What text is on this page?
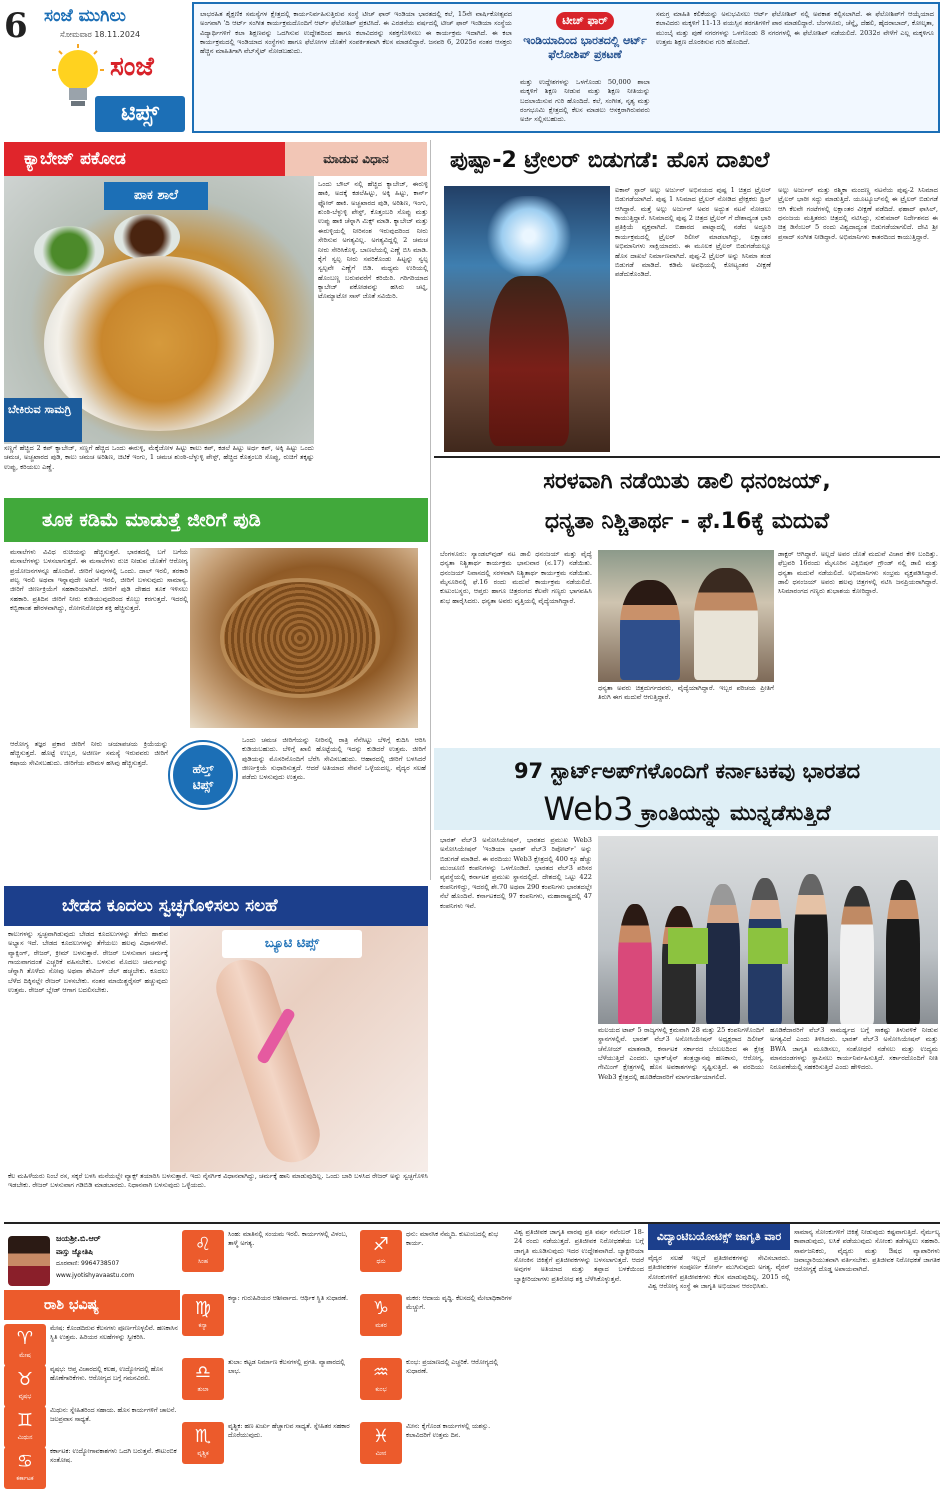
6 ಸಂಜೆ ಮುಗಿಲು
ಸೋಮವಾರ 18.11.2024
ಸಂಜೆ
ಟಿಪ್ಸ್
ಲಾಭರಹಿತ ಶೈಕ್ಷಣಿಕ ಸಮಸ್ಯೆಗಳ ಕ್ಷೇತ್ರದಲ್ಲಿ ಕಾರ್ಯನಿರ್ವಹಿಸುತ್ತಿರುವ ಸಂಸ್ಥೆ ಟೀಚ್ ಫಾರ್ ಇಂಡಿಯಾ ಭಾರತದಲ್ಲಿ ಕಲೆ, 15ನೇ ವಾರ್ಷಿಕೋತ್ಸವದ ಅಂಗವಾಗಿ 'ದಿ ಆರ್ಟ್ ಸಂಗೀತ ಕಾರ್ಯಕ್ರಮದೊಂದಿಗೆ ಆರ್ಟ್ ಫೆಲೋಶಿಪ್ ಪ್ರಕಟಿಸಿದೆ. ಈ ಎರಡನೆಯ ವರ್ಷದಲ್ಲಿ ಟೀಚ್ ಫಾರ್ ಇಂಡಿಯಾ ಸಂಸ್ಥೆಯ ವಿದ್ಯಾರ್ಥಿಗಳಿಗೆ ಕಲಾ ಶಿಕ್ಷಣವನ್ನು ಒದಗಿಸುವ ಉದ್ದೇಶದಿಂದ ಹಾಗೂ ಕಲಾವಿದರನ್ನು ಸಶಕ್ತಗೊಳಿಸಲು ಈ ಕಾರ್ಯಕ್ರಮ ಇದಾಗಿದೆ. ಈ ಕಲಾ ಕಾರ್ಯಕ್ರಮದಲ್ಲಿ ಇಂಡಿಯಾದ ಸಂಸ್ಥೆಗಳು ಹಾಗೂ ಫೆಲೋಗಳ ಜೊತೆಗೆ ಸಂಪರ್ಕಿತವಾಗಿ ಕೆಲಸ ಮಾಡಲಿದ್ದಾರೆ. ಜನವರಿ 6, 2025ರ ನಂತರ ಆಸಕ್ತರು ಹೆಚ್ಚಿನ ಮಾಹಿತಿಗಾಗಿ ವೆಬ್‌ಸೈಟ್ ನೋಡಬಹುದು.
ಟೀಚ್ ಫಾರ್
ಇಂಡಿಯಾದಿಂದ ಭಾರತದಲ್ಲಿ ಆರ್ಟ್ ಫೆಲೋಶಿಪ್ ಪ್ರಕಟಣೆ
ಮತ್ತು ಉದ್ದೇಶಗಳನ್ನು ಒಳಗೊಂಡು 50,000 ಶಾಲಾ ಮಕ್ಕಳಿಗೆ ಶಿಕ್ಷಣ ನೀಡುವ ಮತ್ತು ಶಿಕ್ಷಣ ನೀತಿಯನ್ನು ಬದಲಾಯಿಸುವ ಗುರಿ ಹೊಂದಿದೆ. ಕಲೆ, ಸಂಗೀತ, ನೃತ್ಯ ಮತ್ತು ರಂಗಭೂಮಿ ಕ್ಷೇತ್ರದಲ್ಲಿ ಕೆಲಸ ಮಾಡಲು ಆಸಕ್ತರಾಗಿರುವವರು ಅರ್ಜಿ ಸಲ್ಲಿಸಬಹುದು.
ಸಮಗ್ರ ಮಾಹಿತಿ ಕಲಿಕೆಯನ್ನು ಅನುಭವಿಸಲು ಆರ್ಟ್ ಫೆಲೋಶಿಪ್ ನಲ್ಲಿ ಅವಕಾಶ ಕಲ್ಪಿಸಲಾಗಿದೆ. ಈ ಫೆಲೋಶಿಪ್‌ಗೆ ಆಯ್ಕೆಯಾದ ಕಲಾವಿದರು ಮಕ್ಕಳಿಗೆ 11-13 ವಯಸ್ಸಿನ ತರಗತಿಗಳಿಗೆ ಪಾಠ ಮಾಡಲಿದ್ದಾರೆ. ಬೆಂಗಳೂರು, ಚೆನ್ನೈ, ದೆಹಲಿ, ಹೈದರಾಬಾದ್, ಕೋಲ್ಕತಾ, ಮುಂಬೈ ಮತ್ತು ಪುಣೆ ನಗರಗಳನ್ನು ಒಳಗೊಂಡು 8 ನಗರಗಳಲ್ಲಿ ಈ ಫೆಲೋಶಿಪ್ ನಡೆಯಲಿದೆ. 2032ರ ವೇಳೆಗೆ ಎಲ್ಲ ಮಕ್ಕಳಿಗೂ ಉತ್ತಮ ಶಿಕ್ಷಣ ದೊರಕಿಸುವ ಗುರಿ ಹೊಂದಿದೆ.
ಕ್ಯಾಬೇಜ್ ಪಕೋಡ	ಮಾಡುವ ವಿಧಾನ
ಪಾಕ ಶಾಲೆ
ಬೇಕಿರುವ ಸಾಮಗ್ರಿ
ಸಣ್ಣಗೆ ಹೆಚ್ಚಿದ 2 ಕಪ್ ಕ್ಯಾಬೇಜ್, ಸಣ್ಣಗೆ ಹೆಚ್ಚಿದ ಒಂದು ಈರುಳ್ಳಿ, ಮೆಕ್ಕೆಜೋಳ ಹಿಟ್ಟು ಕಾಲು ಕಪ್, ಕಡಲೆ ಹಿಟ್ಟು ಅರ್ಧ ಕಪ್, ಅಕ್ಕಿ ಹಿಟ್ಟು ಒಂದು ಚಮಚ, ಅಚ್ಚಖಾರದ ಪುಡಿ, ಕಾಲು ಚಮಚ ಅರಿಶಿಣ, ಚಿಟಿಕೆ ಇಂಗು, 1 ಚಮಚ ಶುಂಠಿ-ಬೆಳ್ಳುಳ್ಳಿ ಪೇಸ್ಟ್, ಹೆಚ್ಚಿದ ಕೊತ್ತಂಬರಿ ಸೊಪ್ಪು, ರುಚಿಗೆ ತಕ್ಕಷ್ಟು ಉಪ್ಪು, ಕರಿಯಲು ಎಣ್ಣೆ.
ಒಂದು ಬೌಲ್ ನಲ್ಲಿ ಹೆಚ್ಚಿದ ಕ್ಯಾಬೇಜ್, ಈರುಳ್ಳಿ ಹಾಕಿ, ಅದಕ್ಕೆ ಕಡಲೆಹಿಟ್ಟು, ಅಕ್ಕಿ ಹಿಟ್ಟು, ಕಾರ್ನ್ ಫ್ಲೋರ್ ಹಾಕಿ. ಅಚ್ಚಖಾರದ ಪುಡಿ, ಅರಿಶಿಣ, ಇಂಗು, ಶುಂಠಿ-ಬೆಳ್ಳುಳ್ಳಿ ಪೇಸ್ಟ್, ಕೊತ್ತಂಬರಿ ಸೊಪ್ಪು ಮತ್ತು ಉಪ್ಪು ಹಾಕಿ ಚೆನ್ನಾಗಿ ಮಿಕ್ಸ್ ಮಾಡಿ. ಕ್ಯಾಬೇಜ್ ಮತ್ತು ಈರುಳ್ಳಿಯಲ್ಲಿ ನೀರಿನಂಶ ಇರುವುದರಿಂದ ನೀರು ಸೇರಿಸುವ ಅಗತ್ಯವಿಲ್ಲ. ಅಗತ್ಯವಿದ್ದಲ್ಲಿ 2 ಚಮಚ ನೀರು ಸೇರಿಸಿಕೊಳ್ಳಿ. ಬಾಣಲೆಯಲ್ಲಿ ಎಣ್ಣೆ ಬಿಸಿ ಮಾಡಿ. ಕೈಗೆ ಸ್ವಲ್ಪ ನೀರು ಸವರಿಕೊಂಡು ಹಿಟ್ಟನ್ನು ಸ್ವಲ್ಪ ಸ್ವಲ್ಪವೇ ಎಣ್ಣೆಗೆ ಬಿಡಿ. ಮಧ್ಯಮ ಉರಿಯಲ್ಲಿ ಹೊಂಬಣ್ಣ ಬರುವವರೆಗೆ ಕರಿಯಿರಿ. ಗರಿಗರಿಯಾದ ಕ್ಯಾಬೇಜ್ ಪಕೋಡವನ್ನು ಹಸಿರು ಚಟ್ನಿ, ಟೊಮ್ಯಾಟೋ ಸಾಸ್ ಜೊತೆ ಸವಿಯಿರಿ.
ಪುಷ್ಪಾ-2 ಟ್ರೇಲರ್ ಬಿಡುಗಡೆ: ಹೊಸ ದಾಖಲೆ
ಐಕಾನ್ ಸ್ಟಾರ್ ಅಲ್ಲು ಅರ್ಜುನ್ ಅಭಿನಯದ ಪುಷ್ಪ 1 ಚಿತ್ರದ ಟ್ರೈಲರ್ ಬಿಡುಗಡೆಯಾಗಿದೆ. ಪುಷ್ಪ 1 ಸಿನಿಮಾದ ಟ್ರೈಲರ್ ನೋಡಿದ ಪ್ರೇಕ್ಷಕರು ಥ್ರಿಲ್ ಆಗಿದ್ದಾರೆ. ಮತ್ತೆ ಅಲ್ಲು ಅರ್ಜುನ್ ಅವರ ಅದ್ಭುತ ನಟನೆ ನೋಡಲು ಕಾಯುತ್ತಿದ್ದಾರೆ. ಸಿನಿಮಾದಲ್ಲಿ ಪುಷ್ಪ 2 ಚಿತ್ರದ ಟ್ರೈಲರ್ ಗೆ ದೇಶಾದ್ಯಂತ ಭಾರಿ ಪ್ರತಿಕ್ರಿಯೆ ವ್ಯಕ್ತವಾಗಿದೆ. ಬಿಹಾರದ ಪಾಟ್ನಾದಲ್ಲಿ ನಡೆದ ಅದ್ಧೂರಿ ಕಾರ್ಯಕ್ರಮದಲ್ಲಿ ಟ್ರೈಲರ್ ರಿಲೀಸ್ ಮಾಡಲಾಗಿದ್ದು, ಲಕ್ಷಾಂತರ ಅಭಿಮಾನಿಗಳು ಸಾಕ್ಷಿಯಾದರು. ಈ ಮೂಲಕ ಟ್ರೈಲರ್ ಬಿಡುಗಡೆಯಲ್ಲೂ ಹೊಸ ದಾಖಲೆ ನಿರ್ಮಾಣವಾಗಿದೆ. ಪುಷ್ಪ-2 ಟ್ರೈಲರ್ ಅನ್ನು ಸಿನಿಮಾ ತಂಡ ಬಿಡುಗಡೆ ಮಾಡಿದೆ. ಕಡಿಮೆ ಅವಧಿಯಲ್ಲಿ ಕೋಟ್ಯಂತರ ವೀಕ್ಷಣೆ ಪಡೆದುಕೊಂಡಿದೆ.
ಅಲ್ಲು ಅರ್ಜುನ್ ಮತ್ತು ರಶ್ಮಿಕಾ ಮಂದಣ್ಣ ನಟನೆಯ ಪುಷ್ಪ-2 ಸಿನಿಮಾದ ಟ್ರೈಲರ್ ಭಾರೀ ಸದ್ದು ಮಾಡುತ್ತಿದೆ. ಯೂಟ್ಯೂಬ್‌ನಲ್ಲಿ ಈ ಟ್ರೈಲರ್ ಬಿಡುಗಡೆ ಆಗಿ ಕೆಲವೇ ಗಂಟೆಗಳಲ್ಲಿ ಲಕ್ಷಾಂತರ ವೀಕ್ಷಣೆ ಪಡೆದಿದೆ. ಫಹಾದ್ ಫಾಸಿಲ್, ಧನಂಜಯ ಮತ್ತಿತರರು ಚಿತ್ರದಲ್ಲಿ ನಟಿಸಿದ್ದು, ಸುಕುಮಾರ್ ನಿರ್ದೇಶನದ ಈ ಚಿತ್ರ ಡಿಸೆಂಬರ್ 5 ರಂದು ವಿಶ್ವದಾದ್ಯಂತ ಬಿಡುಗಡೆಯಾಗಲಿದೆ. ದೇವಿ ಶ್ರೀ ಪ್ರಸಾದ್ ಸಂಗೀತ ನೀಡಿದ್ದಾರೆ. ಅಭಿಮಾನಿಗಳು ಕಾತರದಿಂದ ಕಾಯುತ್ತಿದ್ದಾರೆ.
ತೂಕ ಕಡಿಮೆ ಮಾಡುತ್ತೆ ಜೀರಿಗೆ ಪುಡಿ
ಮಸಾಲೆಗಳು ವಿವಿಧ ರುಚಿಯನ್ನು ಹೆಚ್ಚಿಸುತ್ತವೆ. ಭಾರತದಲ್ಲಿ ಬಗೆ ಬಗೆಯ ಮಸಾಲೆಗಳನ್ನು ಬಳಸಲಾಗುತ್ತದೆ. ಈ ಮಸಾಲೆಗಳು ರುಚಿ ನೀಡುವ ಜೊತೆಗೆ ಆರೋಗ್ಯ ಪ್ರಯೋಜನಗಳನ್ನೂ ಹೊಂದಿವೆ. ಜೀರಿಗೆ ಅವುಗಳಲ್ಲಿ ಒಂದು. ದಾಲ್ ಇರಲಿ, ತರಕಾರಿ ಪಲ್ಯ ಇರಲಿ ಅಥವಾ ಇನ್ನಾವುದೇ ಅಡುಗೆ ಇರಲಿ, ಜೀರಿಗೆ ಬಳಸುವುದು ಸಾಮಾನ್ಯ. ಜೀರಿಗೆ ಜೀರ್ಣಕ್ರಿಯೆಗೆ ಸಹಕಾರಿಯಾಗಿದೆ. ಜೀರಿಗೆ ಪುಡಿ ದೇಹದ ತೂಕ ಇಳಿಸಲು ಸಹಕಾರಿ. ಪ್ರತಿದಿನ ಜೀರಿಗೆ ನೀರು ಕುಡಿಯುವುದರಿಂದ ಕೊಬ್ಬು ಕರಗುತ್ತದೆ. ಇದರಲ್ಲಿ ಕಬ್ಬಿಣಾಂಶ ಹೇರಳವಾಗಿದ್ದು, ರೋಗನಿರೋಧಕ ಶಕ್ತಿ ಹೆಚ್ಚಿಸುತ್ತದೆ.
ಆರೋಗ್ಯ ತಜ್ಞರ ಪ್ರಕಾರ ಜೀರಿಗೆ ನೀರು ಚಯಾಪಚಯ ಕ್ರಿಯೆಯನ್ನು ಹೆಚ್ಚಿಸುತ್ತದೆ. ಹೊಟ್ಟೆ ಉಬ್ಬರ, ಅಜೀರ್ಣ ಸಮಸ್ಯೆ ಇರುವವರು ಜೀರಿಗೆ ಕಷಾಯ ಸೇವಿಸಬಹುದು. ಜೀರಿಗೆಯ ಪರಿಮಳ ಹಸಿವು ಹೆಚ್ಚಿಸುತ್ತದೆ.	ಹೆಲ್ತ್
ಟಿಪ್ಸ್
ಒಂದು ಚಮಚ ಜೀರಿಗೆಯನ್ನು ನೀರಿನಲ್ಲಿ ರಾತ್ರಿ ನೆನೆಸಿಟ್ಟು ಬೆಳಿಗ್ಗೆ ಕುದಿಸಿ ಆರಿಸಿ ಕುಡಿಯಬಹುದು. ಬೆಳಿಗ್ಗೆ ಖಾಲಿ ಹೊಟ್ಟೆಯಲ್ಲಿ ಇದನ್ನು ಕುಡಿದರೆ ಉತ್ತಮ. ಜೀರಿಗೆ ಪುಡಿಯನ್ನು ಮೊಸರಿನೊಂದಿಗೆ ಬೆರೆಸಿ ಸೇವಿಸಬಹುದು. ಆಹಾರದಲ್ಲಿ ಜೀರಿಗೆ ಬಳಸಿದರೆ ಜೀರ್ಣಕ್ರಿಯೆ ಸುಧಾರಿಸುತ್ತದೆ. ಆದರೆ ಅತಿಯಾದ ಸೇವನೆ ಒಳ್ಳೆಯದಲ್ಲ. ವೈದ್ಯರ ಸಲಹೆ ಪಡೆದು ಬಳಸುವುದು ಉತ್ತಮ.
ಸರಳವಾಗಿ ನಡೆಯಿತು ಡಾಲಿ ಧನಂಜಯ್,
ಧನ್ಯತಾ ನಿಶ್ಚಿತಾರ್ಥ - ಫೆ.16ಕ್ಕೆ ಮದುವೆ
ಬೆಂಗಳೂರು: ಸ್ಯಾಂಡಲ್‌ವುಡ್ ನಟ ಡಾಲಿ ಧನಂಜಯ್ ಮತ್ತು ವೈದ್ಯೆ ಧನ್ಯತಾ ನಿಶ್ಚಿತಾರ್ಥ ಕಾರ್ಯಕ್ರಮ ಭಾನುವಾರ (ನ.17) ನಡೆಯಿತು. ಧನಂಜಯ್ ನಿವಾಸದಲ್ಲಿ ಸರಳವಾಗಿ ನಿಶ್ಚಿತಾರ್ಥ ಕಾರ್ಯಕ್ರಮ ನಡೆಯಿತು. ಮೈಸೂರಿನಲ್ಲಿ ಫೆ.16 ರಂದು ಮದುವೆ ಕಾರ್ಯಕ್ರಮ ನಡೆಯಲಿದೆ. ಕುಟುಂಬಸ್ಥರು, ಆಪ್ತರು ಹಾಗೂ ಚಿತ್ರರಂಗದ ಕೆಲವೇ ಗಣ್ಯರು ಭಾಗವಹಿಸಿ ಶುಭ ಹಾರೈಸಿದರು. ಧನ್ಯತಾ ಅವರು ವೃತ್ತಿಯಲ್ಲಿ ವೈದ್ಯೆಯಾಗಿದ್ದಾರೆ.
ಧನ್ಯತಾ ಅವರು ಚಿತ್ರದುರ್ಗದವರು, ವೈದ್ಯೆಯಾಗಿದ್ದಾರೆ. ಇಬ್ಬರ ಪರಿಚಯ ಪ್ರೀತಿಗೆ ತಿರುಗಿ ಈಗ ಮದುವೆ ಆಗುತ್ತಿದ್ದಾರೆ.
ಡಾಕ್ಟರ್ ಆಗಿದ್ದಾರೆ. ಅಲ್ಲದೆ ಅವರ ಜೊತೆ ಮದುವೆ ವಿಚಾರ ಕೇಳಿ ಬಂದಿತ್ತು. ಫೆಬ್ರವರಿ 16ರಂದು ಮೈಸೂರಿನ ಎಕ್ಸಿಬಿಷನ್ ಗ್ರೌಂಡ್ ನಲ್ಲಿ ಡಾಲಿ ಮತ್ತು ಧನ್ಯತಾ ಮದುವೆ ನಡೆಯಲಿದೆ. ಅಭಿಮಾನಿಗಳು ಸಂಭ್ರಮ ವ್ಯಕ್ತಪಡಿಸಿದ್ದಾರೆ. ಡಾಲಿ ಧನಂಜಯ್ ಅವರು ಹಲವು ಚಿತ್ರಗಳಲ್ಲಿ ನಟಿಸಿ ಜನಪ್ರಿಯರಾಗಿದ್ದಾರೆ. ಸಿನಿಮಾರಂಗದ ಗಣ್ಯರು ಶುಭಾಶಯ ಕೋರಿದ್ದಾರೆ.
97 ಸ್ಟಾರ್ಟ್‌ಅಪ್‌ಗಳೊಂದಿಗೆ ಕರ್ನಾಟಕವು ಭಾರತದ
Web3 ಕ್ರಾಂತಿಯನ್ನು ಮುನ್ನಡೆಸುತ್ತಿದೆ
ಭಾರತ್ ವೆಬ್3 ಅಸೋಸಿಯೇಷನ್, ಭಾರತದ ಪ್ರಮುಖ Web3 ಅಸೋಸಿಯೇಷನ್ 'ಇಂಡಿಯಾ ಭಾರತ್ ವೆಬ್3 ರಿಪೋರ್ಟ್' ಅನ್ನು ಬಿಡುಗಡೆ ಮಾಡಿದೆ. ಈ ವರದಿಯು Web3 ಕ್ಷೇತ್ರದಲ್ಲಿ 400 ಕ್ಕೂ ಹೆಚ್ಚು ಮುಂಚೂಣಿ ಕಂಪನಿಗಳನ್ನು ಒಳಗೊಂಡಿದೆ. ಭಾರತದ ವೆಬ್3 ಪರಿಸರ ವ್ಯವಸ್ಥೆಯಲ್ಲಿ ಕರ್ನಾಟಕ ಪ್ರಮುಖ ಸ್ಥಾನದಲ್ಲಿದೆ. ದೇಶದಲ್ಲಿ ಒಟ್ಟು 422 ಕಂಪನಿಗಳಿದ್ದು, ಇದರಲ್ಲಿ ಶೇ.70 ಅಥವಾ 290 ಕಂಪನಿಗಳು ಭಾರತದಲ್ಲೇ ನೆಲೆ ಹೊಂದಿವೆ. ಕರ್ನಾಟಕದಲ್ಲಿ 97 ಕಂಪನಿಗಳು, ಮಹಾರಾಷ್ಟ್ರದಲ್ಲಿ 47 ಕಂಪನಿಗಳು ಇವೆ.
ಮಲಯದ ಟಾಪ್ 5 ರಾಜ್ಯಗಳಲ್ಲಿ ಕ್ರಮವಾಗಿ 28 ಮತ್ತು 25 ಕಂಪನಿಗಳೊಂದಿಗೆ ಸ್ಥಾನಗಳಲ್ಲಿವೆ. ಭಾರತ್ ವೆಬ್3 ಅಸೋಸಿಯೇಷನ್ ಅಧ್ಯಕ್ಷರಾದ ದಿಲೀಪ್ ಚೆನೋಯ್ ಮಾತನಾಡಿ, ಕರ್ನಾಟಕ ಸರ್ಕಾರದ ಬೆಂಬಲದಿಂದ ಈ ಕ್ಷೇತ್ರ ಬೆಳೆಯುತ್ತಿದೆ ಎಂದರು. ಬ್ಲಾಕ್‌ಚೈನ್ ತಂತ್ರಜ್ಞಾನವು ಹಣಕಾಸು, ಆರೋಗ್ಯ, ಗೇಮಿಂಗ್ ಕ್ಷೇತ್ರಗಳಲ್ಲಿ ಹೊಸ ಅವಕಾಶಗಳನ್ನು ಸೃಷ್ಟಿಸುತ್ತಿದೆ. ಈ ವರದಿಯು Web3 ಕ್ಷೇತ್ರದಲ್ಲಿ ಹೂಡಿಕೆದಾರರಿಗೆ ಮಾರ್ಗದರ್ಶಿಯಾಗಲಿದೆ.
ಹೂಡಿಕೆದಾರರಿಗೆ ವೆಬ್3 ಸಾಮರ್ಥ್ಯದ ಬಗ್ಗೆ ಸಾಕಷ್ಟು ತಿಳುವಳಿಕೆ ನೀಡುವ ಅಗತ್ಯವಿದೆ ಎಂದು ತಿಳಿಸಿದರು. ಭಾರತ್ ವೆಬ್3 ಅಸೋಸಿಯೇಷನ್ ಮತ್ತು BWA ಜಾಗೃತಿ ಮೂಡಿಸಲು, ಸಂಶೋಧನೆ ನಡೆಸಲು ಮತ್ತು ಉದ್ಯಮ ಮಾನದಂಡಗಳನ್ನು ಸ್ಥಾಪಿಸಲು ಕಾರ್ಯನಿರ್ವಹಿಸುತ್ತಿದೆ. ಸರ್ಕಾರದೊಂದಿಗೆ ನೀತಿ ನಿರೂಪಣೆಯಲ್ಲಿ ಸಹಕರಿಸುತ್ತಿದೆ ಎಂದು ಹೇಳಿದರು.
ಬೇಡದ ಕೂದಲು ಸ್ವಚ್ಛಗೊಳಿಸಲು ಸಲಹೆ
ಕಾಲುಗಳನ್ನು ಸ್ವಚ್ಛವಾಗಿಡುವುದು ಬೇಡದ ಕೂದಲುಗಳನ್ನು ತೆಗೆದು ಹಾಕುವ ಅಭ್ಯಾಸ ಇದೆ. ಬೇಡದ ಕೂದಲುಗಳನ್ನು ತೆಗೆಯಲು ಹಲವು ವಿಧಾನಗಳಿವೆ. ವ್ಯಾಕ್ಸಿಂಗ್, ರೇಜರ್, ಕ್ರೀಮ್ ಬಳಸುತ್ತಾರೆ. ರೇಜರ್ ಬಳಸುವಾಗ ಚರ್ಮಕ್ಕೆ ಗಾಯವಾಗದಂತೆ ಎಚ್ಚರಿಕೆ ವಹಿಸಬೇಕು. ಬಳಸುವ ಮೊದಲು ಚರ್ಮವನ್ನು ಚೆನ್ನಾಗಿ ತೊಳೆದು ಸೋಪು ಅಥವಾ ಶೇವಿಂಗ್ ಜೆಲ್ ಹಚ್ಚಬೇಕು. ಕೂದಲು ಬೆಳೆದ ದಿಕ್ಕಿನಲ್ಲೇ ರೇಜರ್ ಬಳಸಬೇಕು. ನಂತರ ಮಾಯಿಶ್ಚರೈಸರ್ ಹಚ್ಚುವುದು ಉತ್ತಮ. ರೇಜರ್ ಬ್ಲೇಡ್ ಆಗಾಗ ಬದಲಿಸಬೇಕು.
ಬ್ಯೂಟಿ ಟಿಪ್ಸ್
ಕೆಲ ಮಹಿಳೆಯರು ನಿಂಬೆ ರಸ, ಸಕ್ಕರೆ ಬಳಸಿ ಮನೆಯಲ್ಲೇ ವ್ಯಾಕ್ಸ್ ತಯಾರಿಸಿ ಬಳಸುತ್ತಾರೆ. ಇದು ನೈಸರ್ಗಿಕ ವಿಧಾನವಾಗಿದ್ದು, ಚರ್ಮಕ್ಕೆ ಹಾನಿ ಮಾಡುವುದಿಲ್ಲ. ಒಂದು ಬಾರಿ ಬಳಸಿದ ರೇಜರ್ ಅನ್ನು ಸ್ವಚ್ಛಗೊಳಿಸಿ ಇಡಬೇಕು. ರೇಜರ್ ಬಳಸುವಾಗ ಗಡಿಬಿಡಿ ಮಾಡಬಾರದು. ನಿಧಾನವಾಗಿ ಬಳಸುವುದು ಒಳ್ಳೆಯದು.
ಜಯಶ್ರೀ.ಬಿ.ಆರ್
ವಾಸ್ತು ಜ್ಯೋತಿಷಿ
ದೂರವಾಣಿ: 9964738507
www.jyotishyavaastu.com
ರಾಶಿ ಭವಿಷ್ಯ
♈
ಮೇಷ
ಮೇಷ: ಕೊಂಡದಿರುವ ಕೆಲಸಗಳು ಪೂರ್ಣಗೊಳ್ಳಲಿವೆ. ಹಣಕಾಸಿನ ಸ್ಥಿತಿ ಉತ್ತಮ. ಹಿರಿಯರ ಸಲಹೆಗಳನ್ನು ಸ್ವೀಕರಿಸಿ.
♉
ವೃಷಭ
ವೃಷಭ: ಆಪ್ತ ವಿಚಾರದಲ್ಲಿ ಕಲಹ, ಉದ್ಯೋಗದಲ್ಲಿ ಹೊಸ ಹೊಣೆಗಾರಿಕೆಗಳು. ಆರೋಗ್ಯದ ಬಗ್ಗೆ ಗಮನವಿರಲಿ.
♊
ಮಿಥುನ
ಮಿಥುನ: ಸ್ನೇಹಿತರಿಂದ ಸಹಾಯ. ಹೊಸ ಕಾರ್ಯಗಳಿಗೆ ಚಾಲನೆ. ಜಲಪ್ರವಾಸ ಸಾಧ್ಯತೆ.
♋
ಕರ್ಕಾಟಕ
ಕರ್ಕಾಟಕ: ಉದ್ಯೋಗಾವಕಾಶಗಳು ಒದಗಿ ಬರುತ್ತವೆ. ಕೌಟುಂಬಿಕ ಸಂತೋಷ.
♌
ಸಿಂಹ
ಸಿಂಹ: ಮಾತಿನಲ್ಲಿ ಸಂಯಮ ಇರಲಿ. ಕಾರ್ಯಗಳಲ್ಲಿ ವಿಳಂಬ, ತಾಳ್ಮೆ ಅಗತ್ಯ.
♍
ಕನ್ಯಾ
ಕನ್ಯಾ: ಗುರುಹಿರಿಯರ ಆಶೀರ್ವಾದ. ಆರ್ಥಿಕ ಸ್ಥಿತಿ ಸುಧಾರಣೆ.
♎
ತುಲಾ
ತುಲಾ: ಕಟ್ಟಡ ನಿರ್ಮಾಣ ಕೆಲಸಗಳಲ್ಲಿ ಪ್ರಗತಿ. ವ್ಯಾಪಾರದಲ್ಲಿ ಲಾಭ.
♏
ವೃಶ್ಚಿಕ
ವೃಶ್ಚಿಕ: ಹಣ ಖರ್ಚು ಹೆಚ್ಚಾಗುವ ಸಾಧ್ಯತೆ. ಸ್ನೇಹಿತರ ಸಹಕಾರ ದೊರೆಯುವುದು.
♐
ಧನು
ಧನು: ಮಾನಸಿಕ ನೆಮ್ಮದಿ. ಕುಟುಂಬದಲ್ಲಿ ಶುಭ ಕಾರ್ಯ.
♑
ಮಕರ
ಮಕರ: ಆದಾಯ ವೃದ್ಧಿ. ಕೆಲಸದಲ್ಲಿ ಮೇಲಾಧಿಕಾರಿಗಳ ಮೆಚ್ಚುಗೆ.
♒
ಕುಂಭ
ಕುಂಭ: ಪ್ರಯಾಣದಲ್ಲಿ ಎಚ್ಚರಿಕೆ. ಆರೋಗ್ಯದಲ್ಲಿ ಸುಧಾರಣೆ.
♓
ಮೀನ
ಮೀನ: ಕೈಗೊಂಡ ಕಾರ್ಯಗಳಲ್ಲಿ ಯಶಸ್ಸು. ಕಲಾವಿದರಿಗೆ ಉತ್ತಮ ದಿನ.
ವಿಶ್ವ ಪ್ರತಿಜೀವಕ ಜಾಗೃತಿ ವಾರವು ಪ್ರತಿ ವರ್ಷ ನವೆಂಬರ್ 18-24 ರಂದು ನಡೆಯುತ್ತದೆ. ಪ್ರತಿಜೀವಕ ನಿರೋಧಕತೆಯ ಬಗ್ಗೆ ಜಾಗೃತಿ ಮೂಡಿಸುವುದು ಇದರ ಉದ್ದೇಶವಾಗಿದೆ. ಬ್ಯಾಕ್ಟೀರಿಯಾ ಸೋಂಕಿನ ಚಿಕಿತ್ಸೆಗೆ ಪ್ರತಿಜೀವಕಗಳನ್ನು ಬಳಸಲಾಗುತ್ತದೆ. ಆದರೆ ಅವುಗಳ ಅತಿಯಾದ ಮತ್ತು ತಪ್ಪಾದ ಬಳಕೆಯಿಂದ ಬ್ಯಾಕ್ಟೀರಿಯಾಗಳು ಪ್ರತಿರೋಧ ಶಕ್ತಿ ಬೆಳೆಸಿಕೊಳ್ಳುತ್ತವೆ.
ವಿದ್ಯಾಂಟಿಬಯೋಟಿಕ್ಸ್ ಜಾಗೃತಿ ವಾರ
ವೈದ್ಯರ ಸಲಹೆ ಇಲ್ಲದೆ ಪ್ರತಿಜೀವಕಗಳನ್ನು ಸೇವಿಸಬಾರದು. ಪ್ರತಿಜೀವಕಗಳ ಸಂಪೂರ್ಣ ಕೋರ್ಸ್ ಮುಗಿಸುವುದು ಅಗತ್ಯ. ವೈರಸ್ ಸೋಂಕುಗಳಿಗೆ ಪ್ರತಿಜೀವಕಗಳು ಕೆಲಸ ಮಾಡುವುದಿಲ್ಲ. 2015 ರಲ್ಲಿ ವಿಶ್ವ ಆರೋಗ್ಯ ಸಂಸ್ಥೆ ಈ ಜಾಗೃತಿ ಅಭಿಯಾನ ಆರಂಭಿಸಿತು.
ಸಾಮಾನ್ಯ ಸೋಂಕುಗಳಿಗೆ ಚಿಕಿತ್ಸೆ ನೀಡುವುದು ಕಷ್ಟವಾಗುತ್ತಿದೆ. ನೈರ್ಮಲ್ಯ ಕಾಪಾಡುವುದು, ಲಸಿಕೆ ಪಡೆಯುವುದು ಸೋಂಕು ತಡೆಗಟ್ಟಲು ಸಹಕಾರಿ. ಸಾರ್ವಜನಿಕರು, ವೈದ್ಯರು ಮತ್ತು ಔಷಧ ವ್ಯಾಪಾರಿಗಳು ಜವಾಬ್ದಾರಿಯುತವಾಗಿ ವರ್ತಿಸಬೇಕು. ಪ್ರತಿಜೀವಕ ನಿರೋಧಕತೆ ಜಾಗತಿಕ ಆರೋಗ್ಯಕ್ಕೆ ದೊಡ್ಡ ಅಪಾಯವಾಗಿದೆ.
